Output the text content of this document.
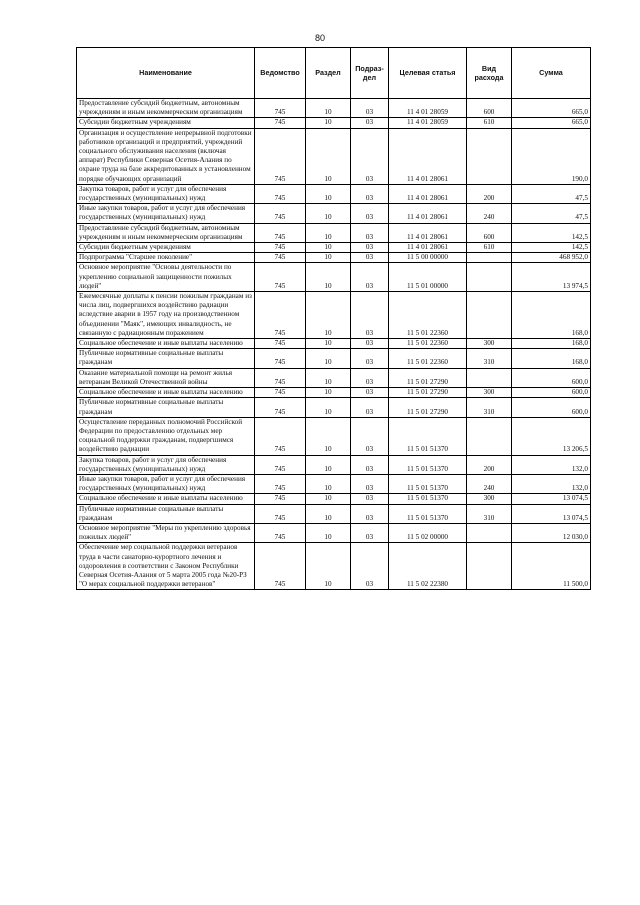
80
Наименование	Ведомство	Раздел	Подраз-дел	Целевая статья	Вид расхода	Сумма
Предоставление субсидий бюджетным, автономным учреждениям и иным некоммерческим организациям	745	10	03	11 4 01 28059	600	665,0
Субсидии бюджетным учреждениям	745	10	03	11 4 01 28059	610	665,0
Организация и осуществление непрерывной подготовки работников организаций и предприятий, учреждений социального обслуживания населения (включая аппарат) Республики Северная Осетия-Алания по охране труда на базе аккредитованных в установленном порядке обучающих организаций	745	10	03	11 4 01 28061		190,0
Закупка товаров, работ и услуг для обеспечения государственных (муниципальных) нужд	745	10	03	11 4 01 28061	200	47,5
Иные закупки товаров, работ и услуг для обеспечения государственных (муниципальных) нужд	745	10	03	11 4 01 28061	240	47,5
Предоставление субсидий бюджетным, автономным учреждениям и иным некоммерческим организациям	745	10	03	11 4 01 28061	600	142,5
Субсидии бюджетным учреждениям	745	10	03	11 4 01 28061	610	142,5
Подпрограмма "Старшее поколение"	745	10	03	11 5 00 00000		468 952,0
Основное мероприятие "Основы деятельности по укреплению социальной защищенности пожилых людей"	745	10	03	11 5 01 00000		13 974,5
Ежемесячные доплаты к пенсии пожилым гражданам из числа лиц, подвергшихся воздействию радиации вследствие аварии в 1957 году на производственном объединении "Маяк", имеющих инвалидность, не связанную с радиационным поражением	745	10	03	11 5 01 22360		168,0
Социальное обеспечение и иные выплаты населению	745	10	03	11 5 01 22360	300	168,0
Публичные нормативные социальные выплаты гражданам	745	10	03	11 5 01 22360	310	168,0
Оказание материальной помощи на ремонт жилья ветеранам Великой Отечественной войны	745	10	03	11 5 01 27290		600,0
Социальное обеспечение и иные выплаты населению	745	10	03	11 5 01 27290	300	600,0
Публичные нормативные социальные выплаты гражданам	745	10	03	11 5 01 27290	310	600,0
Осуществление переданных полномочий Российской Федерации по предоставлению отдельных мер социальной поддержки гражданам, подвергшимся воздействию радиации	745	10	03	11 5 01 51370		13 206,5
Закупка товаров, работ и услуг для обеспечения государственных (муниципальных) нужд	745	10	03	11 5 01 51370	200	132,0
Иные закупки товаров, работ и услуг для обеспечения государственных (муниципальных) нужд	745	10	03	11 5 01 51370	240	132,0
Социальное обеспечение и иные выплаты населению	745	10	03	11 5 01 51370	300	13 074,5
Публичные нормативные социальные выплаты гражданам	745	10	03	11 5 01 51370	310	13 074,5
Основное мероприятие "Меры по укреплению здоровья пожилых людей"	745	10	03	11 5 02 00000		12 030,0
Обеспечение мер социальной поддержки ветеранов труда в части санаторно-курортного лечения и оздоровления в соответствии с Законом Республики Северная Осетия-Алания от 5 марта 2005 года №20-РЗ "О мерах социальной поддержки ветеранов"	745	10	03	11 5 02 22380		11 500,0
